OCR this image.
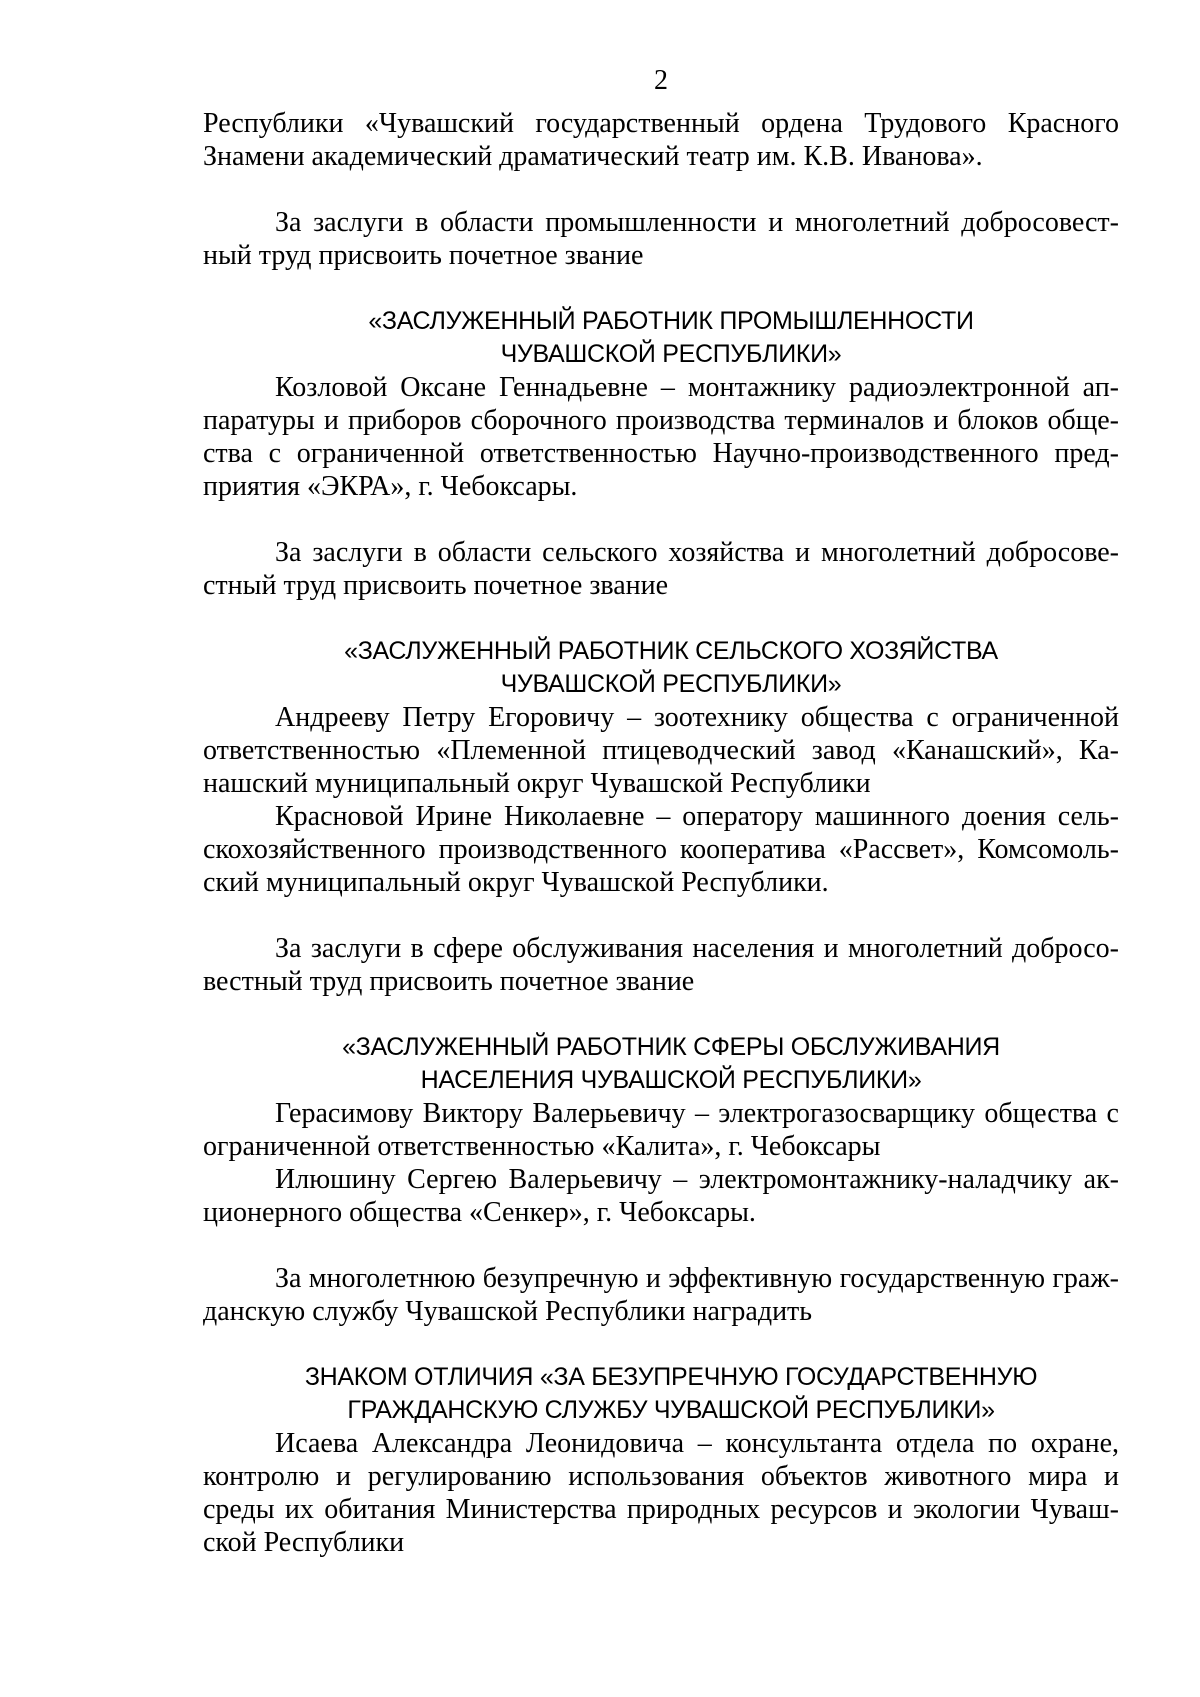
2

Республики «Чувашский государственный ордена Трудового Красного Знамени академический драматический театр им. К.В. Иванова».

За заслуги в области промышленности и многолетний добросовест-ный труд присвоить почетное звание

«ЗАСЛУЖЕННЫЙ РАБОТНИК ПРОМЫШЛЕННОСТИ
ЧУВАШСКОЙ РЕСПУБЛИКИ»

Козловой Оксане Геннадьевне – монтажнику радиоэлектронной ап-паратуры и приборов сборочного производства терминалов и блоков обще-ства с ограниченной ответственностью Научно-производственного пред-приятия «ЭКРА», г. Чебоксары.

За заслуги в области сельского хозяйства и многолетний добросове-стный труд присвоить почетное звание

«ЗАСЛУЖЕННЫЙ РАБОТНИК СЕЛЬСКОГО ХОЗЯЙСТВА
ЧУВАШСКОЙ РЕСПУБЛИКИ»

Андрееву Петру Егоровичу – зоотехнику общества с ограниченной ответственностью «Племенной птицеводческий завод «Канашский», Ка-нашский муниципальный округ Чувашской Республики

Красновой Ирине Николаевне – оператору машинного доения сель-скохозяйственного производственного кооператива «Рассвет», Комсомоль-ский муниципальный округ Чувашской Республики.

За заслуги в сфере обслуживания населения и многолетний добросо-вестный труд присвоить почетное звание

«ЗАСЛУЖЕННЫЙ РАБОТНИК СФЕРЫ ОБСЛУЖИВАНИЯ
НАСЕЛЕНИЯ ЧУВАШСКОЙ РЕСПУБЛИКИ»

Герасимову Виктору Валерьевичу – электрогазосварщику общества с ограниченной ответственностью «Калита», г. Чебоксары

Илюшину Сергею Валерьевичу – электромонтажнику-наладчику ак-ционерного общества «Сенкер», г. Чебоксары.

За многолетнюю безупречную и эффективную государственную граж-данскую службу Чувашской Республики наградить

ЗНАКОМ ОТЛИЧИЯ «ЗА БЕЗУПРЕЧНУЮ ГОСУДАРСТВЕННУЮ
ГРАЖДАНСКУЮ СЛУЖБУ ЧУВАШСКОЙ РЕСПУБЛИКИ»

Исаева Александра Леонидовича – консультанта отдела по охране, контролю и регулированию использования объектов животного мира и среды их обитания Министерства природных ресурсов и экологии Чуваш-ской Республики
